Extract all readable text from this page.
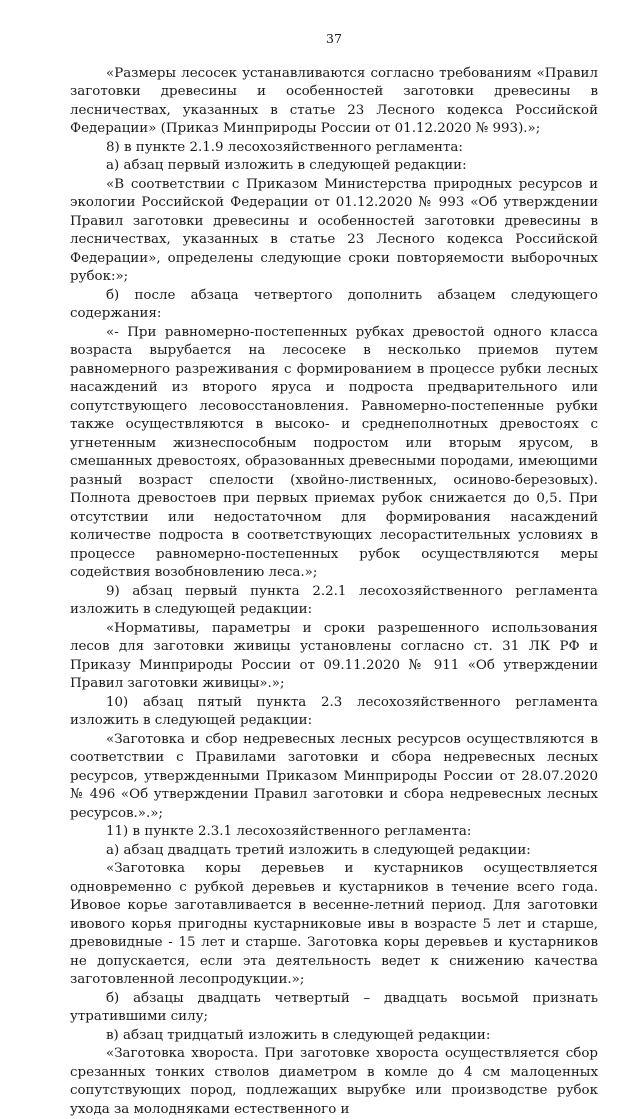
37

«Размеры лесосек устанавливаются согласно требованиям «Правил заготовки древесины и особенностей заготовки древесины в лесничествах, указанных в статье 23 Лесного кодекса Российской Федерации» (Приказ Минприроды России от 01.12.2020 № 993).»;

8) в пункте 2.1.9 лесохозяйственного регламента:

а) абзац первый изложить в следующей редакции:

«В соответствии с Приказом Министерства природных ресурсов и экологии Российской Федерации от 01.12.2020 № 993 «Об утверждении Правил заготовки древесины и особенностей заготовки древесины в лесничествах, указанных в статье 23 Лесного кодекса Российской Федерации», определены следующие сроки повторяемости выборочных рубок:»;

б) после абзаца четвертого дополнить абзацем следующего содержания:

«- При равномерно-постепенных рубках древостой одного класса возраста вырубается на лесосеке в несколько приемов путем равномерного разреживания с формированием в процессе рубки лесных насаждений из второго яруса и подроста предварительного или сопутствующего лесовосстановления. Равномерно-постепенные рубки также осуществляются в высоко- и среднеполнотных древостоях с угнетенным жизнеспособным подростом или вторым ярусом, в смешанных древостоях, образованных древесными породами, имеющими разный возраст спелости (хвойно-лиственных, осиново-березовых). Полнота древостоев при первых приемах рубок снижается до 0,5. При отсутствии или недостаточном для формирования насаждений количестве подроста в соответствующих лесорастительных условиях в процессе равномерно-постепенных рубок осуществляются меры содействия возобновлению леса.»;

9) абзац первый пункта 2.2.1 лесохозяйственного регламента изложить в следующей редакции:

«Нормативы, параметры и сроки разрешенного использования лесов для заготовки живицы установлены согласно ст. 31 ЛК РФ и Приказу Минприроды России от 09.11.2020 № 911 «Об утверждении Правил заготовки живицы».»;

10) абзац пятый пункта 2.3 лесохозяйственного регламента изложить в следующей редакции:

«Заготовка и сбор недревесных лесных ресурсов осуществляются в соответствии с Правилами заготовки и сбора недревесных лесных ресурсов, утвержденными Приказом Минприроды России от 28.07.2020 № 496 «Об утверждении Правил заготовки и сбора недревесных лесных ресурсов.».»;

11) в пункте 2.3.1 лесохозяйственного регламента:

а) абзац двадцать третий изложить в следующей редакции:

«Заготовка коры деревьев и кустарников осуществляется одновременно с рубкой деревьев и кустарников в течение всего года. Ивовое корье заготавливается в весенне-летний период. Для заготовки ивового корья пригодны кустарниковые ивы в возрасте 5 лет и старше, древовидные - 15 лет и старше. Заготовка коры деревьев и кустарников не допускается, если эта деятельность ведет к снижению качества заготовленной лесопродукции.»;

б) абзацы двадцать четвертый – двадцать восьмой признать утратившими силу;

в) абзац тридцатый изложить в следующей редакции:

«Заготовка хвороста. При заготовке хвороста осуществляется сбор срезанных тонких стволов диаметром в комле до 4 см малоценных сопутствующих пород, подлежащих вырубке или производстве рубок ухода за молодняками естественного и
